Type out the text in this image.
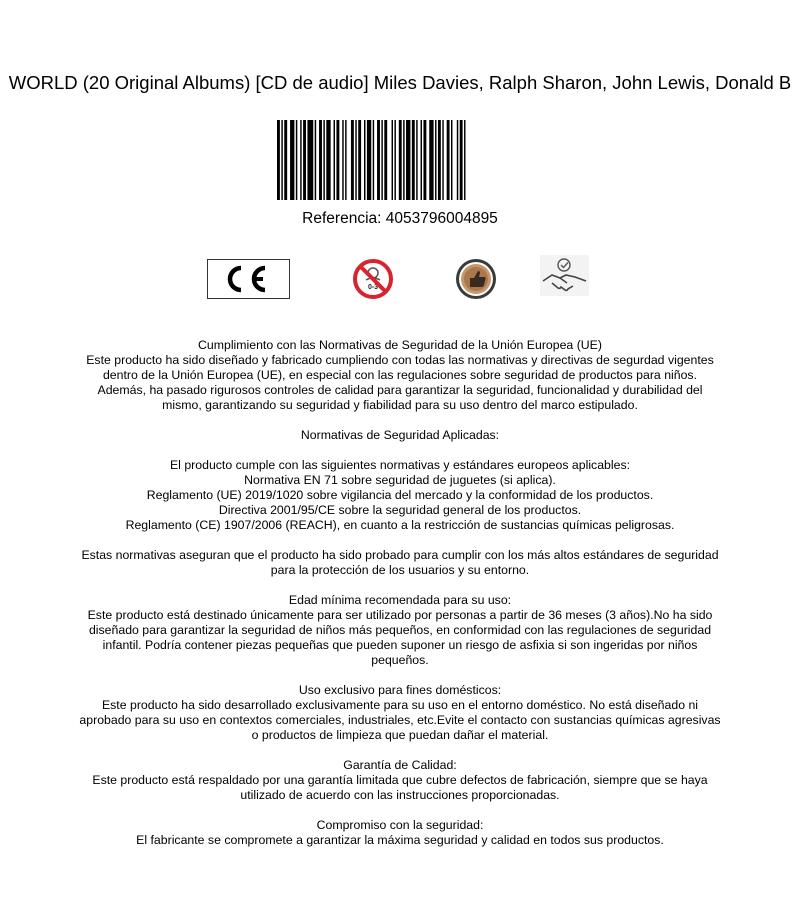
WORLD (20 Original Albums) [CD de audio] Miles Davies, Ralph Sharon, John Lewis, Donald B
Referencia: 4053796004895
0-3

Cumplimiento con las Normativas de Seguridad de la Unión Europea (UE)
Este producto ha sido diseñado y fabricado cumpliendo con todas las normativas y directivas de segurdad vigentes dentro de la Unión Europea (UE), en especial con las regulaciones sobre seguridad de productos para niños. Además, ha pasado rigurosos controles de calidad para garantizar la seguridad, funcionalidad y durabilidad del mismo, garantizando su seguridad y fiabilidad para su uso dentro del marco estipulado.

Normativas de Seguridad Aplicadas:

El producto cumple con las siguientes normativas y estándares europeos aplicables:
Normativa EN 71 sobre seguridad de juguetes (si aplica).
Reglamento (UE) 2019/1020 sobre vigilancia del mercado y la conformidad de los productos.
Directiva 2001/95/CE sobre la seguridad general de los productos.
Reglamento (CE) 1907/2006 (REACH), en cuanto a la restricción de sustancias químicas peligrosas.

Estas normativas aseguran que el producto ha sido probado para cumplir con los más altos estándares de seguridad para la protección de los usuarios y su entorno.

Edad mínima recomendada para su uso:
Este producto está destinado únicamente para ser utilizado por personas a partir de 36 meses (3 años).No ha sido diseñado para garantizar la seguridad de niños más pequeños, en conformidad con las regulaciones de seguridad infantil. Podría contener piezas pequeñas que pueden suponer un riesgo de asfixia si son ingeridas por niños pequeños.

Uso exclusivo para fines domésticos:
Este producto ha sido desarrollado exclusivamente para su uso en el entorno doméstico. No está diseñado ni aprobado para su uso en contextos comerciales, industriales, etc.Evite el contacto con sustancias químicas agresivas o productos de limpieza que puedan dañar el material.

Garantía de Calidad:
Este producto está respaldado por una garantía limitada que cubre defectos de fabricación, siempre que se haya utilizado de acuerdo con las instrucciones proporcionadas.

Compromiso con la seguridad:
El fabricante se compromete a garantizar la máxima seguridad y calidad en todos sus productos.
